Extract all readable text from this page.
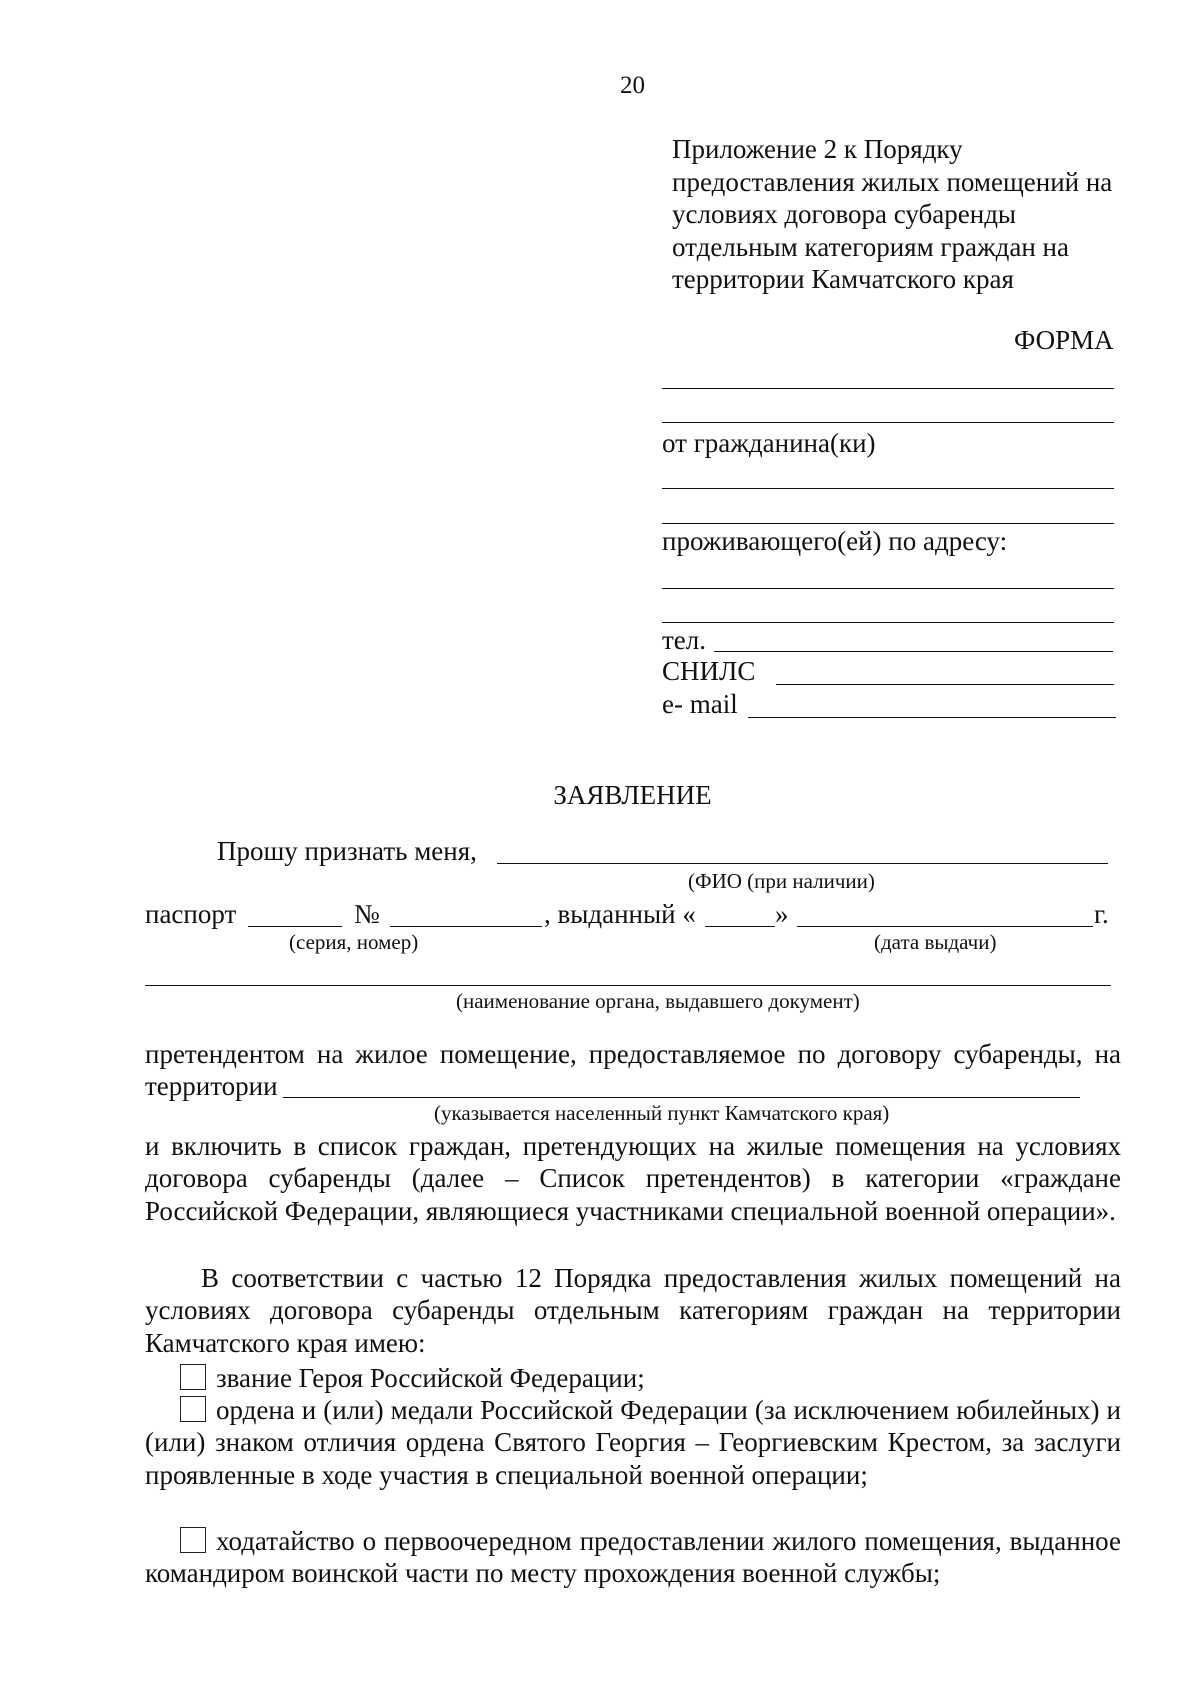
20
Приложение 2 к Порядку
предоставления жилых помещений на
условиях договора субаренды
отдельным категориям граждан на
территории Камчатского края
ФОРМА
от гражданина(ки)
проживающего(ей) по адресу:
тел.
СНИЛС
e- mail
ЗАЯВЛЕНИЕ
Прошу признать меня,
(ФИО (при наличии)
паспорт	№	, выданный «	»	г.
(серия, номер)	(дата выдачи)
(наименование органа, выдавшего документ)
претендентом на жилое помещение, предоставляемое по договору субаренды, на
территории
(указывается населенный пункт Камчатского края)
и включить в список граждан, претендующих на жилые помещения на условиях договора субаренды (далее – Список претендентов) в категории «граждане Российской Федерации, являющиеся участниками специальной военной операции».
В соответствии с частью 12 Порядка предоставления жилых помещений на условиях договора субаренды отдельным категориям граждан на территории Камчатского края имею:
звание Героя Российской Федерации;
ордена и (или) медали Российской Федерации (за исключением юбилейных) и (или) знаком отличия ордена Святого Георгия – Георгиевским Крестом, за заслуги проявленные в ходе участия в специальной военной операции;
ходатайство о первоочередном предоставлении жилого помещения, выданное командиром воинской части по месту прохождения военной службы;
